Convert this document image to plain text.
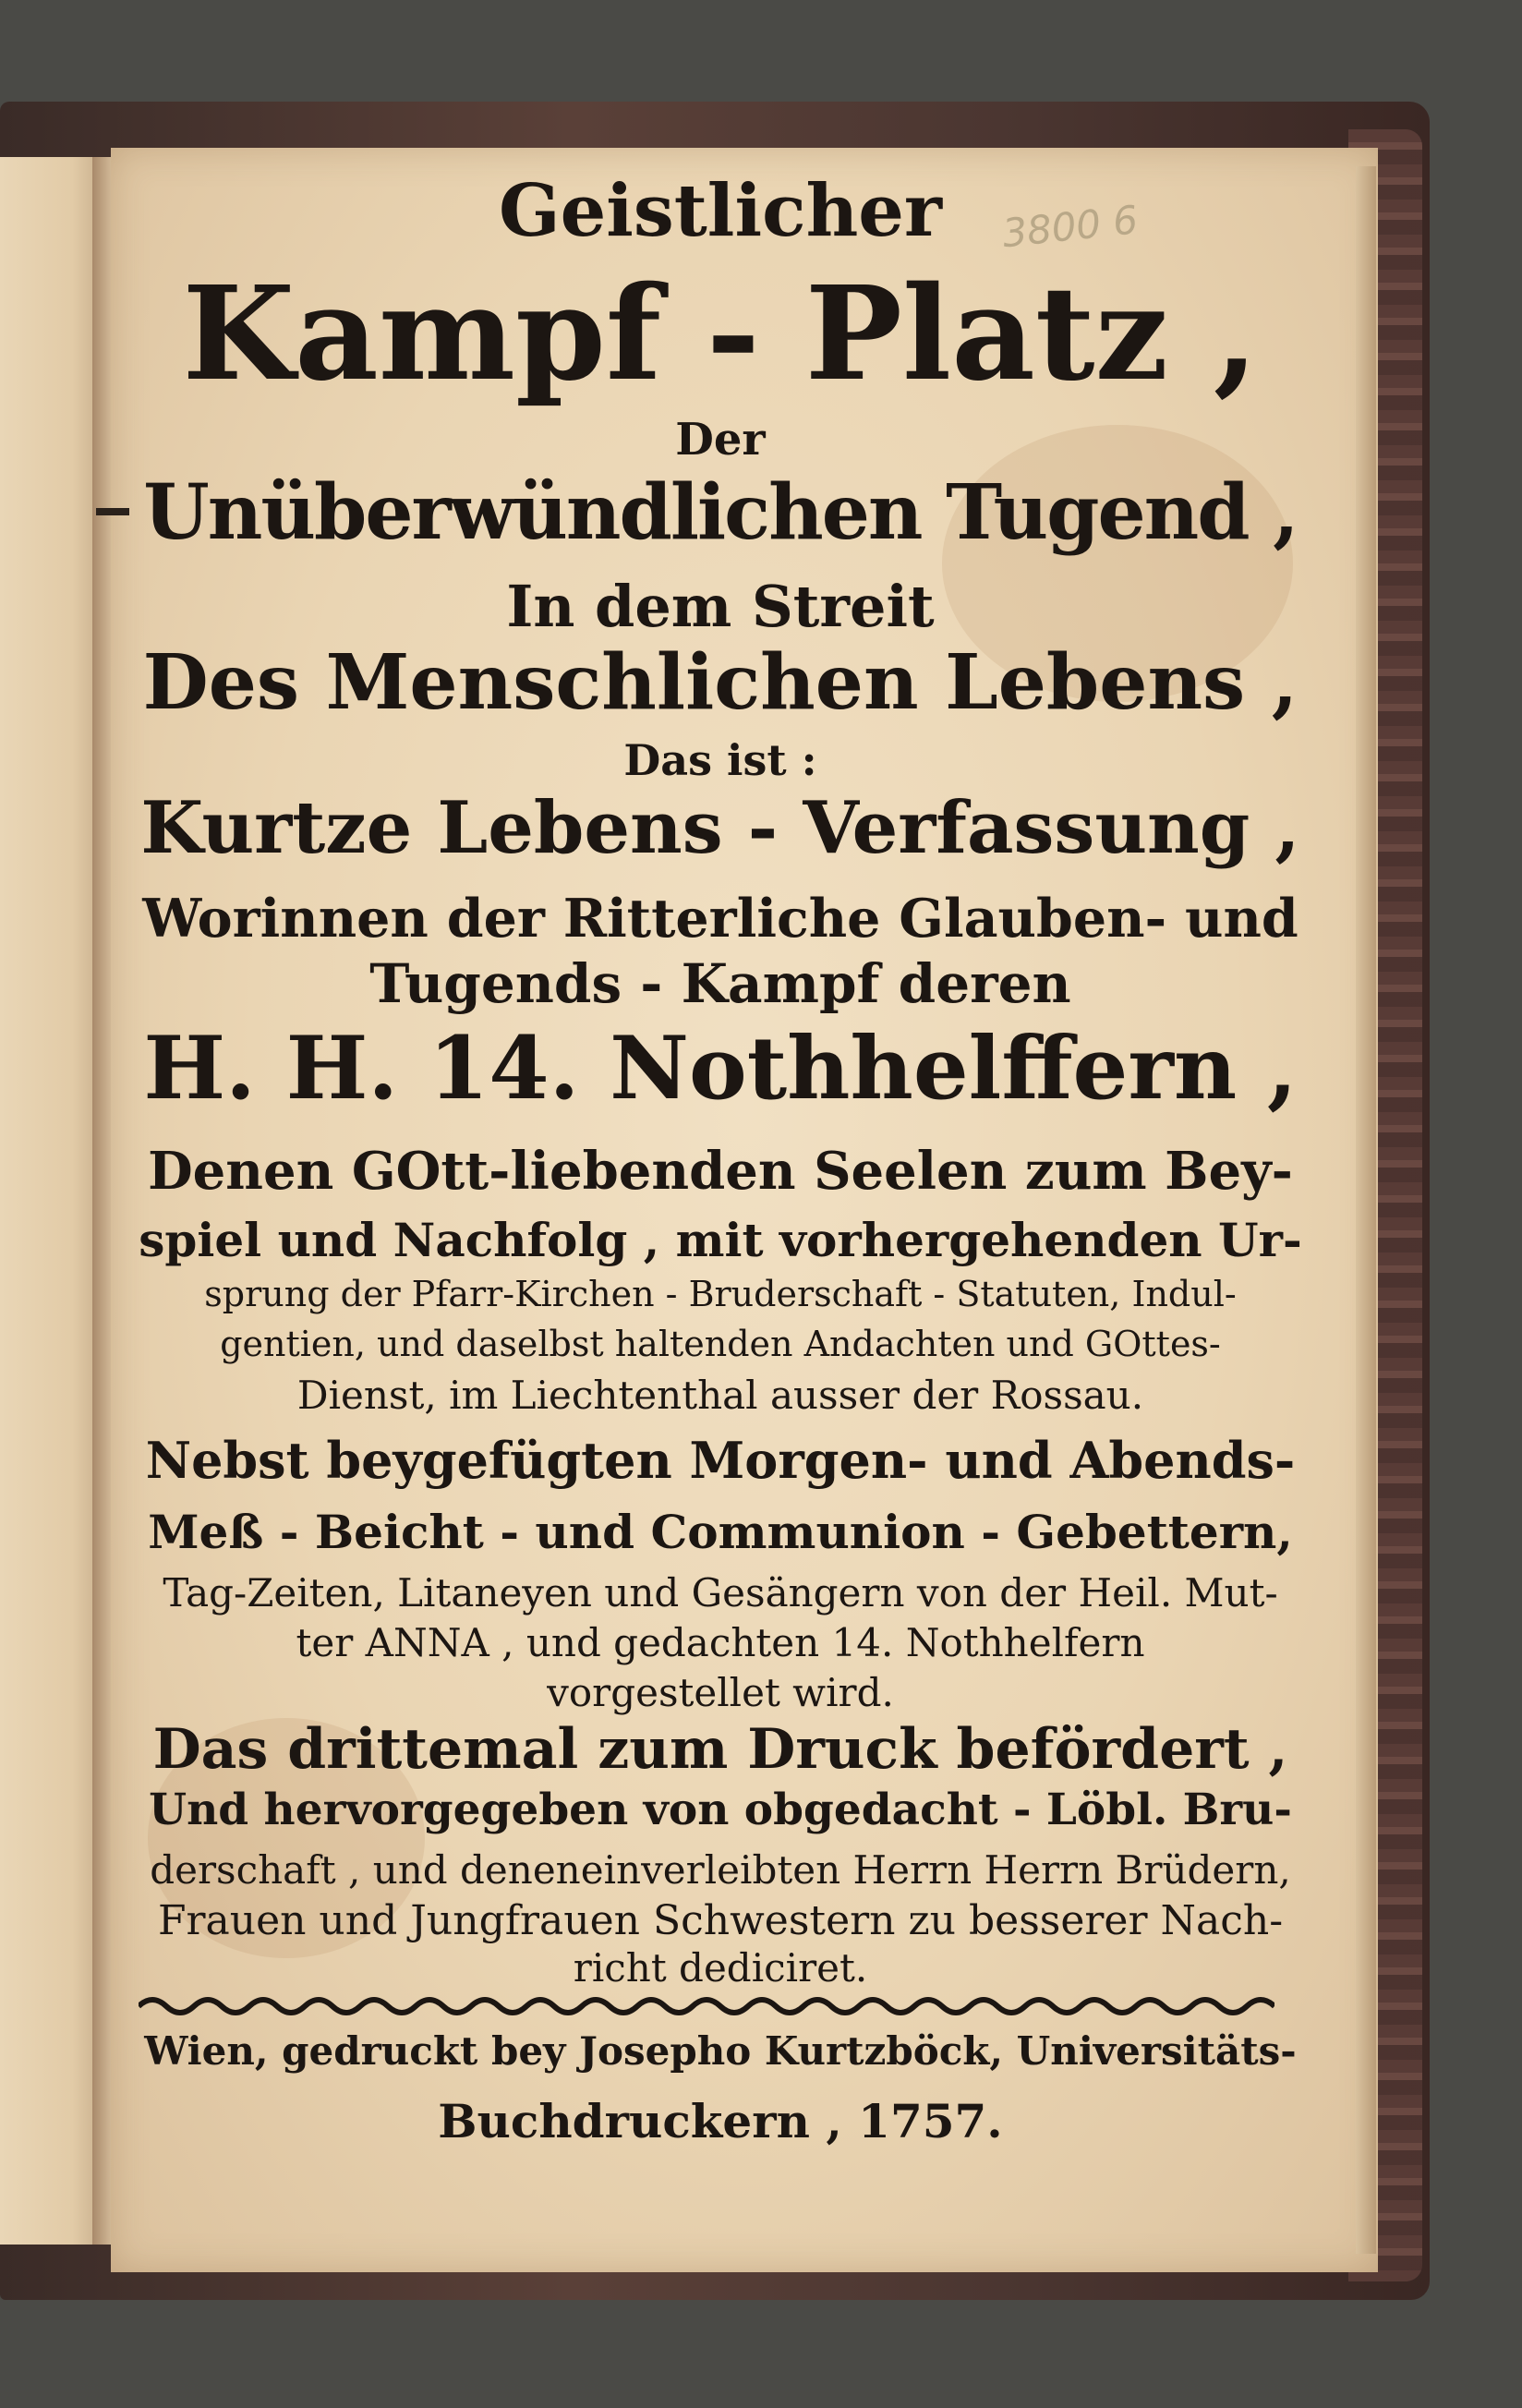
3800 6
Geistlicher
Kampf - Platz ,
Der
Unüberwündlichen Tugend ,
In dem Streit
Des Menschlichen Lebens ,
Das ist :
Kurtze Lebens - Verfassung ,
Worinnen der Ritterliche Glauben- und
Tugends - Kampf deren
H. H. 14. Nothhelffern ,
Denen GOtt-liebenden Seelen zum Bey-
spiel und Nachfolg , mit vorhergehenden Ur-
sprung der Pfarr-Kirchen - Bruderschaft - Statuten, Indul-
gentien, und daselbst haltenden Andachten und GOttes-
Dienst, im Liechtenthal ausser der Rossau.
Nebst beygefügten Morgen- und Abends-
Meß - Beicht - und Communion - Gebettern,
Tag-Zeiten, Litaneyen und Gesängern von der Heil. Mut-
ter ANNA , und gedachten 14. Nothhelfern
vorgestellet wird.
Das drittemal zum Druck befördert ,
Und hervorgegeben von obgedacht - Löbl. Bru-
derschaft , und deneneinverleibten Herrn Herrn Brüdern,
Frauen und Jungfrauen Schwestern zu besserer Nach-
richt dediciret.
Wien, gedruckt bey Josepho Kurtzböck, Universitäts-
Buchdruckern , 1757.
